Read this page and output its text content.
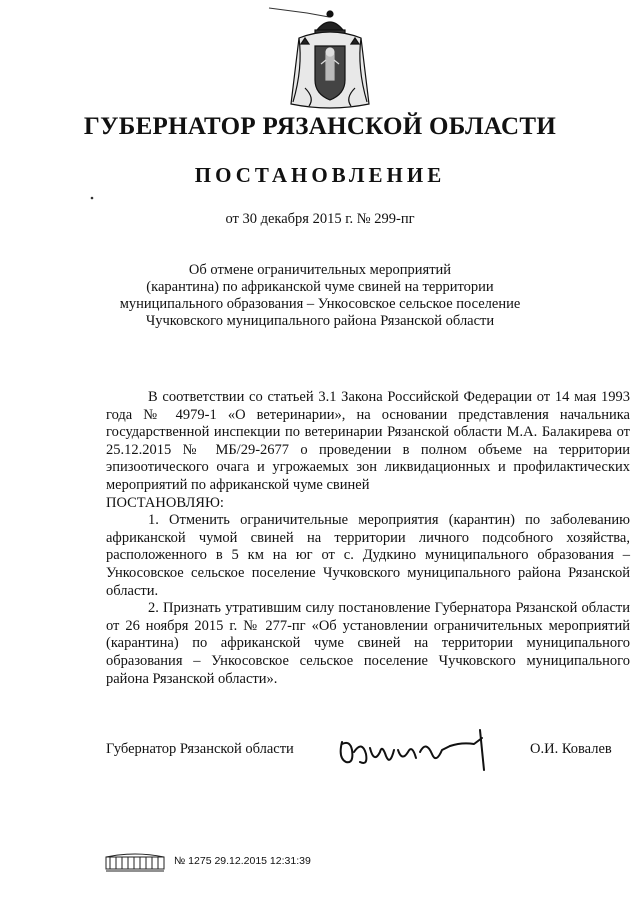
ГУБЕРНАТОР РЯЗАНСКОЙ ОБЛАСТИ
ПОСТАНОВЛЕНИЕ
от 30 декабря 2015 г. № 299-пг
Об отмене ограничительных мероприятий
(карантина) по африканской чуме свиней на территории
муниципального образования – Ункосовское сельское поселение
Чучковского муниципального района Рязанской области

В соответствии со статьей 3.1 Закона Российской Федерации от 14 мая 1993 года № 4979-1 «О ветеринарии», на основании представления начальника государственной инспекции по ветеринарии Рязанской области М.А. Балакирева от 25.12.2015 № МБ/29-2677 о проведении в полном объеме на территории эпизоотического очага и угрожаемых зон ликвидационных и профилактических мероприятий по африканской чуме свиней

ПОСТАНОВЛЯЮ:

1. Отменить ограничительные мероприятия (карантин) по заболеванию африканской чумой свиней на территории личного подсобного хозяйства, расположенного в 5 км на юг от с. Дудкино муниципального образования – Ункосовское сельское поселение Чучковского муниципального района Рязанской области.

2. Признать утратившим силу постановление Губернатора Рязанской области от 26 ноября 2015 г. № 277-пг «Об установлении ограничительных мероприятий (карантина) по африканской чуме свиней на территории муниципального образования – Ункосовское сельское поселение Чучковского муниципального района Рязанской области».

Губернатор Рязанской области	О.И. Ковалев
№ 1275 29.12.2015 12:31:39
